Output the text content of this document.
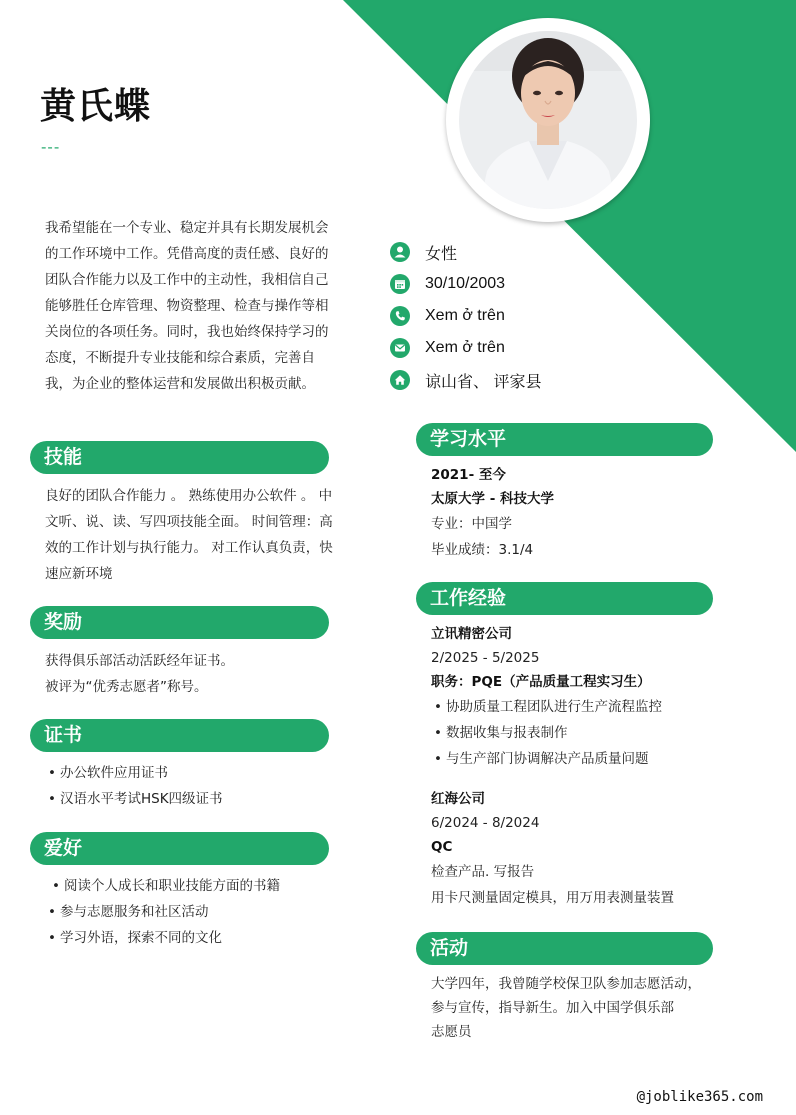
黄氏蝶
---

我希望能在一个专业、稳定并具有长期发展机会的工作环境中工作。凭借高度的责任感、良好的团队合作能力以及工作中的主动性，我相信自己能够胜任仓库管理、物资整理、检查与操作等相关岗位的各项任务。同时，我也始终保持学习的态度，不断提升专业技能和综合素质，完善自我，为企业的整体运营和发展做出积极贡献。

女性
30/10/2003
Xem ở trên
Xem ở trên
谅山省、 评家县
技能
良好的团队合作能力 。 熟练使用办公软件 。 中文听、说、读、写四项技能全面。 时间管理：高效的工作计划与执行能力。 对工作认真负责，快速应新环境
奖励

获得俱乐部活动活跃经年证书。

被评为“优秀志愿者”称号。

证书
• 办公软件应用证书
• 汉语水平考试HSK四级证书
爱好
• 阅读个人成长和职业技能方面的书籍
• 参与志愿服务和社区活动
• 学习外语，探索不同的文化
学习水平

2021- 至今

太原大学 - 科技大学

专业：中国学

毕业成绩：3.1/4

工作经验

立讯精密公司

2/2025 - 5/2025

职务：PQE（产品质量工程实习生）

• 协助质量工程团队进行生产流程监控
• 数据收集与报表制作
• 与生产部门协调解决产品质量问题

红海公司

6/2024 - 8/2024

QC

检查产品. 写报告

用卡尺测量固定模具，用万用表测量装置

活动

大学四年，我曾随学校保卫队参加志愿活动，

参与宣传，指导新生。加入中国学俱乐部

志愿员

@joblike365.com
